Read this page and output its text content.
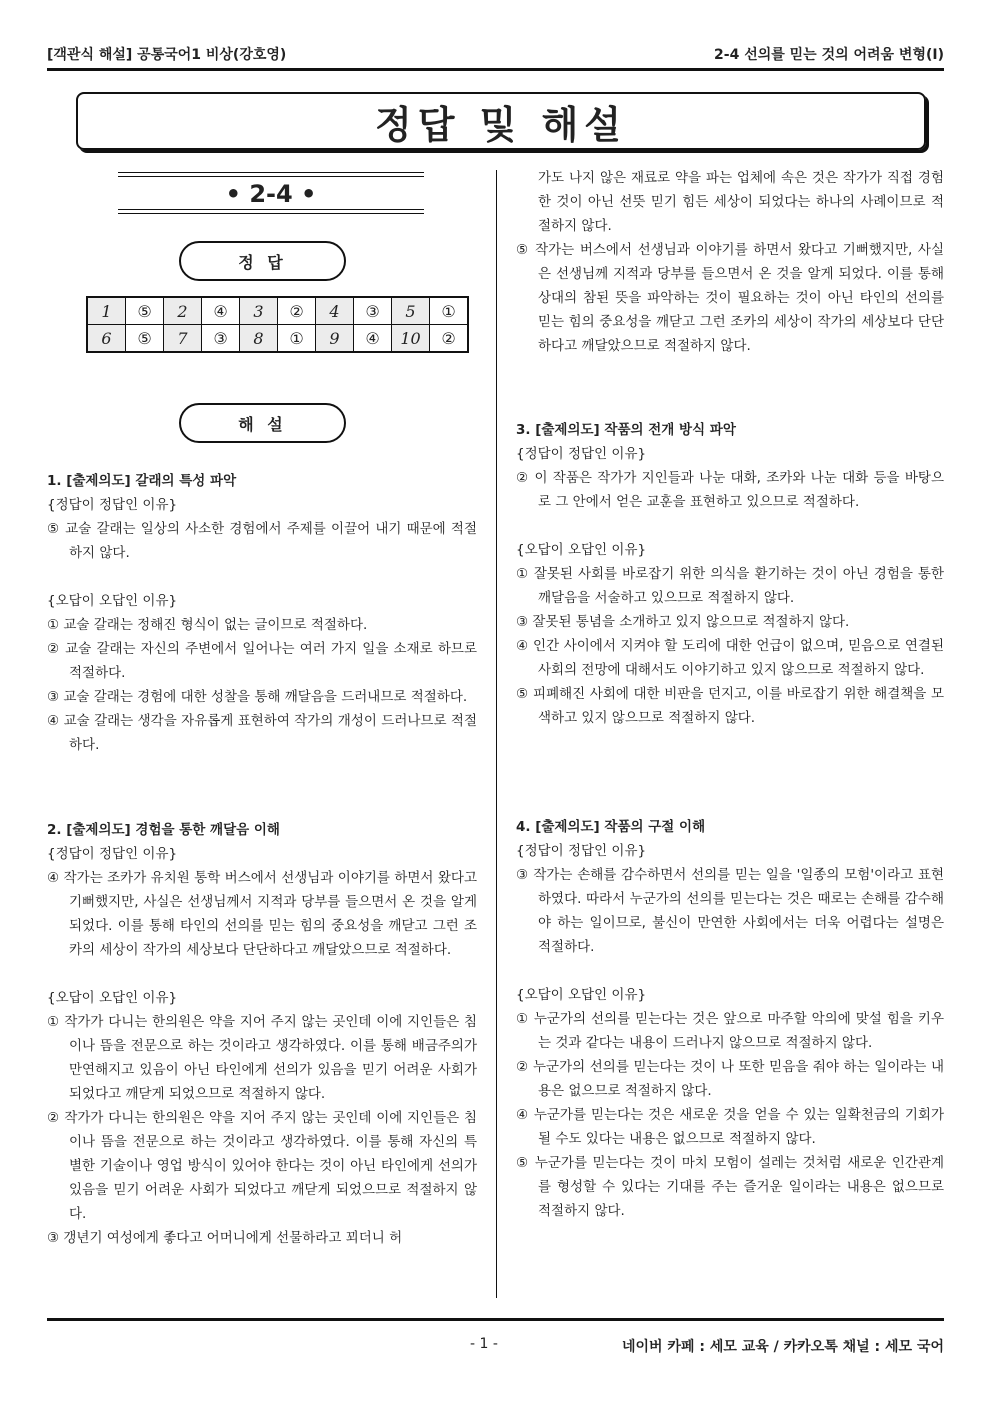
[객관식 해설] 공통국어1 비상(강호영)	2-4 선의를 믿는 것의 어려움 변형(I)
정답 및 해설
• 2-4 •
정 답
1	⑤	2	④	3	②	4	③	5	①
6	⑤	7	③	8	①	9	④	10	②
해 설

1. [출제의도] 갈래의 특성 파악

{정답이 정답인 이유}

⑤ 교술 갈래는 일상의 사소한 경험에서 주제를 이끌어 내기 때문에 적절하지 않다.

{오답이 오답인 이유}

① 교술 갈래는 정해진 형식이 없는 글이므로 적절하다.

② 교술 갈래는 자신의 주변에서 일어나는 여러 가지 일을 소재로 하므로 적절하다.

③ 교술 갈래는 경험에 대한 성찰을 통해 깨달음을 드러내므로 적절하다.

④ 교술 갈래는 생각을 자유롭게 표현하여 작가의 개성이 드러나므로 적절하다.

2. [출제의도] 경험을 통한 깨달음 이해

{정답이 정답인 이유}

④ 작가는 조카가 유치원 통학 버스에서 선생님과 이야기를 하면서 왔다고 기뻐했지만, 사실은 선생님께서 지적과 당부를 들으면서 온 것을 알게 되었다. 이를 통해 타인의 선의를 믿는 힘의 중요성을 깨닫고 그런 조카의 세상이 작가의 세상보다 단단하다고 깨달았으므로 적절하다.

{오답이 오답인 이유}

① 작가가 다니는 한의원은 약을 지어 주지 않는 곳인데 이에 지인들은 침이나 뜸을 전문으로 하는 것이라고 생각하였다. 이를 통해 배금주의가 만연해지고 있음이 아닌 타인에게 선의가 있음을 믿기 어려운 사회가 되었다고 깨닫게 되었으므로 적절하지 않다.

② 작가가 다니는 한의원은 약을 지어 주지 않는 곳인데 이에 지인들은 침이나 뜸을 전문으로 하는 것이라고 생각하였다. 이를 통해 자신의 특별한 기술이나 영업 방식이 있어야 한다는 것이 아닌 타인에게 선의가 있음을 믿기 어려운 사회가 되었다고 깨닫게 되었으므로 적절하지 않다.

③ 갱년기 여성에게 좋다고 어머니에게 선물하라고 꾀더니 허

가도 나지 않은 재료로 약을 파는 업체에 속은 것은 작가가 직접 경험한 것이 아닌 선뜻 믿기 힘든 세상이 되었다는 하나의 사례이므로 적절하지 않다.

⑤ 작가는 버스에서 선생님과 이야기를 하면서 왔다고 기뻐했지만, 사실은 선생님께 지적과 당부를 들으면서 온 것을 알게 되었다. 이를 통해 상대의 참된 뜻을 파악하는 것이 필요하는 것이 아닌 타인의 선의를 믿는 힘의 중요성을 깨닫고 그런 조카의 세상이 작가의 세상보다 단단하다고 깨달았으므로 적절하지 않다.

3. [출제의도] 작품의 전개 방식 파악

{정답이 정답인 이유}

② 이 작품은 작가가 지인들과 나눈 대화, 조카와 나눈 대화 등을 바탕으로 그 안에서 얻은 교훈을 표현하고 있으므로 적절하다.

{오답이 오답인 이유}

① 잘못된 사회를 바로잡기 위한 의식을 환기하는 것이 아닌 경험을 통한 깨달음을 서술하고 있으므로 적절하지 않다.

③ 잘못된 통념을 소개하고 있지 않으므로 적절하지 않다.

④ 인간 사이에서 지켜야 할 도리에 대한 언급이 없으며, 믿음으로 연결된 사회의 전망에 대해서도 이야기하고 있지 않으므로 적절하지 않다.

⑤ 피폐해진 사회에 대한 비판을 던지고, 이를 바로잡기 위한 해결책을 모색하고 있지 않으므로 적절하지 않다.

4. [출제의도] 작품의 구절 이해

{정답이 정답인 이유}

③ 작가는 손해를 감수하면서 선의를 믿는 일을 '일종의 모험'이라고 표현하였다. 따라서 누군가의 선의를 믿는다는 것은 때로는 손해를 감수해야 하는 일이므로, 불신이 만연한 사회에서는 더욱 어렵다는 설명은 적절하다.

{오답이 오답인 이유}

① 누군가의 선의를 믿는다는 것은 앞으로 마주할 악의에 맞설 힘을 키우는 것과 같다는 내용이 드러나지 않으므로 적절하지 않다.

② 누군가의 선의를 믿는다는 것이 나 또한 믿음을 줘야 하는 일이라는 내용은 없으므로 적절하지 않다.

④ 누군가를 믿는다는 것은 새로운 것을 얻을 수 있는 일확천금의 기회가 될 수도 있다는 내용은 없으므로 적절하지 않다.

⑤ 누군가를 믿는다는 것이 마치 모험이 설레는 것처럼 새로운 인간관계를 형성할 수 있다는 기대를 주는 즐거운 일이라는 내용은 없으므로 적절하지 않다.

- 1 -	네이버 카페 : 세모 교육 / 카카오톡 채널 : 세모 국어
